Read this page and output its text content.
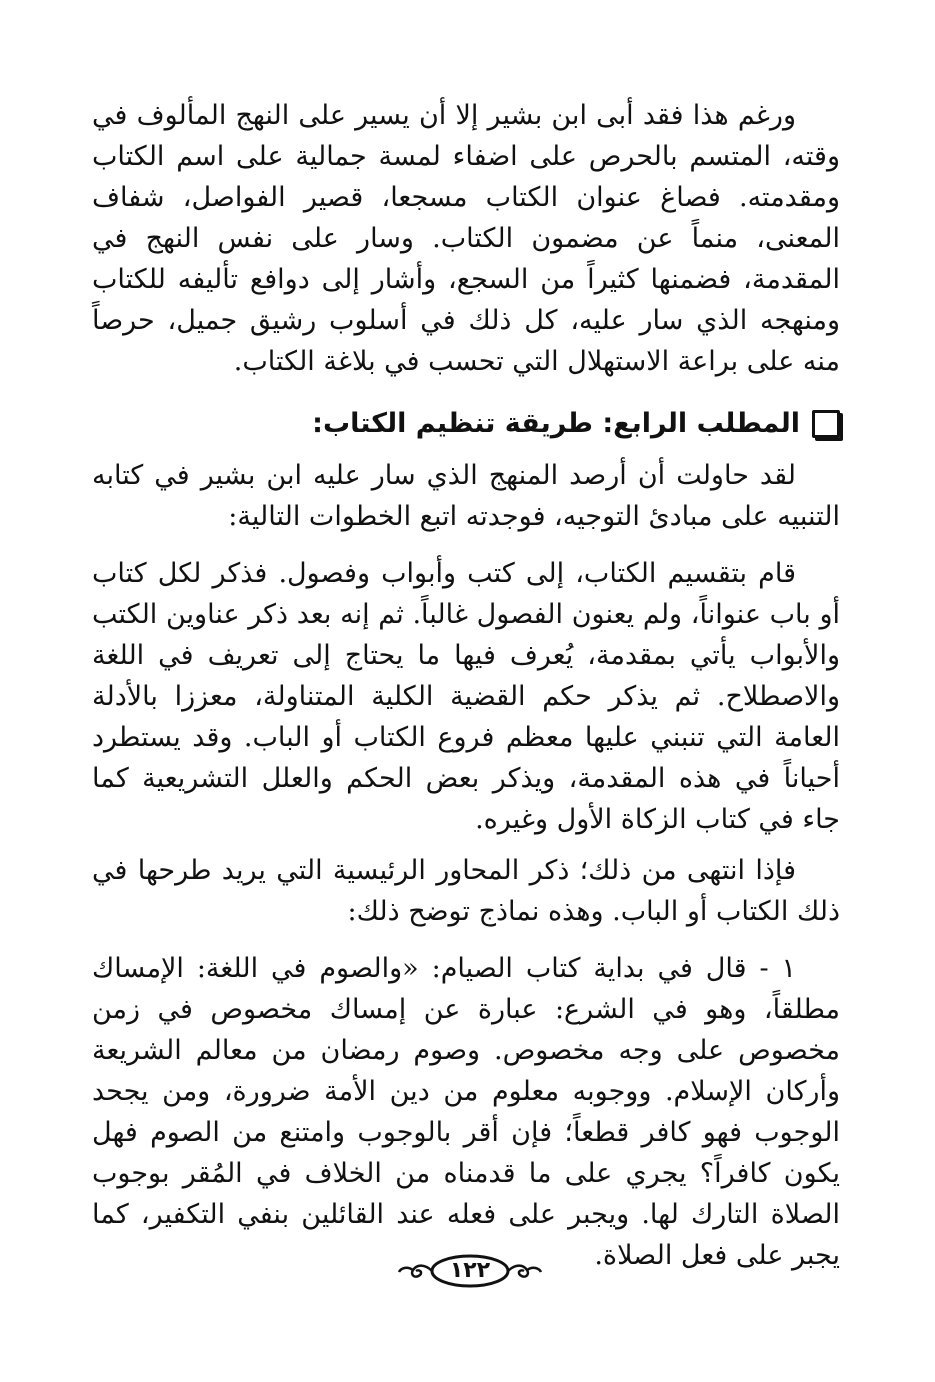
ورغم هذا فقد أبى ابن بشير إلا أن يسير على النهج المألوف في وقته، المتسم بالحرص على اضفاء لمسة جمالية على اسم الكتاب ومقدمته. فصاغ عنوان الكتاب مسجعا، قصير الفواصل، شفاف المعنى، منماً عن مضمون الكتاب. وسار على نفس النهج في المقدمة، فضمنها كثيراً من السجع، وأشار إلى دوافع تأليفه للكتاب ومنهجه الذي سار عليه، كل ذلك في أسلوب رشيق جميل، حرصاً منه على براعة الاستهلال التي تحسب في بلاغة الكتاب.

المطلب الرابع: طريقة تنظيم الكتاب:

لقد حاولت أن أرصد المنهج الذي سار عليه ابن بشير في كتابه التنبيه على مبادئ التوجيه، فوجدته اتبع الخطوات التالية:

قام بتقسيم الكتاب، إلى كتب وأبواب وفصول. فذكر لكل كتاب أو باب عنواناً، ولم يعنون الفصول غالباً. ثم إنه بعد ذكر عناوين الكتب والأبواب يأتي بمقدمة، يُعرف فيها ما يحتاج إلى تعريف في اللغة والاصطلاح. ثم يذكر حكم القضية الكلية المتناولة، معززا بالأدلة العامة التي تنبني عليها معظم فروع الكتاب أو الباب. وقد يستطرد أحياناً في هذه المقدمة، ويذكر بعض الحكم والعلل التشريعية كما جاء في كتاب الزكاة الأول وغيره.

فإذا انتهى من ذلك؛ ذكر المحاور الرئيسية التي يريد طرحها في ذلك الكتاب أو الباب. وهذه نماذج توضح ذلك:

١ - قال في بداية كتاب الصيام: «والصوم في اللغة: الإمساك مطلقاً، وهو في الشرع: عبارة عن إمساك مخصوص في زمن مخصوص على وجه مخصوص. وصوم رمضان من معالم الشريعة وأركان الإسلام. ووجوبه معلوم من دين الأمة ضرورة، ومن يجحد الوجوب فهو كافر قطعاً؛ فإن أقر بالوجوب وامتنع من الصوم فهل يكون كافراً؟ يجري على ما قدمناه من الخلاف في المُقر بوجوب الصلاة التارك لها. ويجبر على فعله عند القائلين بنفي التكفير، كما يجبر على فعل الصلاة.

١٢٢
